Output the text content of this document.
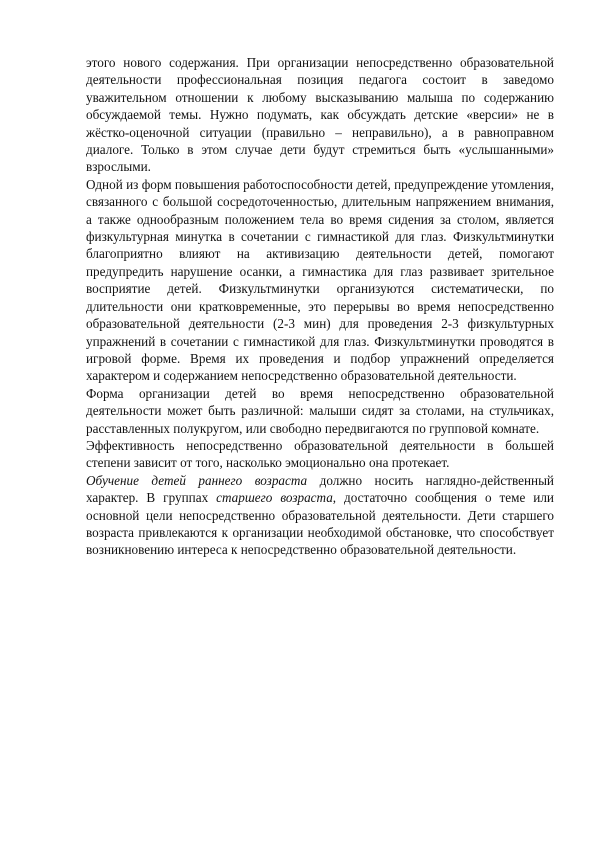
этого нового содержания. При организации непосредственно образовательной деятельности профессиональная позиция педагога состоит в заведомо уважительном отношении к любому высказыванию малыша по содержанию обсуждаемой темы. Нужно подумать, как обсуждать детские «версии» не в жёстко-оценочной ситуации (правильно – неправильно), а в равноправном диалоге. Только в этом случае дети будут стремиться быть «услышанными» взрослыми.

Одной из форм повышения работоспособности детей, предупреждение утомления, связанного с большой сосредоточенностью, длительным напряжением внимания, а также однообразным положением тела во время сидения за столом, является физкультурная минутка в сочетании с гимнастикой для глаз. Физкультминутки благоприятно влияют на активизацию деятельности детей, помогают предупредить нарушение осанки, а гимнастика для глаз развивает зрительное восприятие детей. Физкультминутки организуются систематически, по длительности они кратковременные, это перерывы во время непосредственно образовательной деятельности (2-3 мин) для проведения 2-3 физкультурных упражнений в сочетании с гимнастикой для глаз. Физкультминутки проводятся в игровой форме. Время их проведения и подбор упражнений определяется характером и содержанием непосредственно образовательной деятельности.

Форма организации детей во время непосредственно образовательной деятельности может быть различной: малыши сидят за столами, на стульчиках, расставленных полукругом, или свободно передвигаются по групповой комнате.

Эффективность непосредственно образовательной деятельности в большей степени зависит от того, насколько эмоционально она протекает.

Обучение детей раннего возраста должно носить наглядно-действенный характер. В группах старшего возраста, достаточно сообщения о теме или основной цели непосредственно образовательной деятельности. Дети старшего возраста привлекаются к организации необходимой обстановке, что способствует возникновению интереса к непосредственно образовательной деятельности.
